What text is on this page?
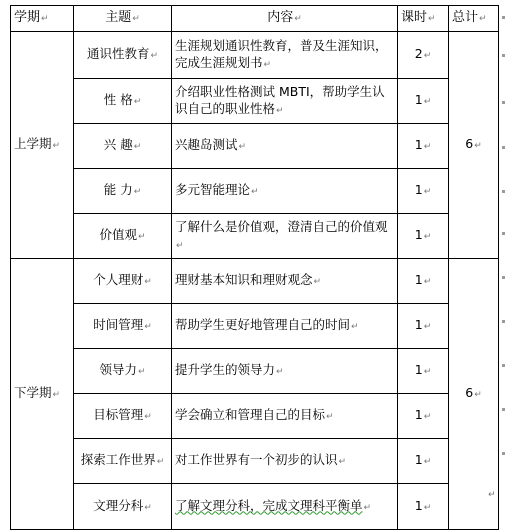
学期↵	主题↵	内容↵	课时↵	总计↵
上学期↵	通识性教育↵	生涯规划通识性教育，普及生涯知识，完成生涯规划书↵	2↵	6↵
	性 格↵	介绍职业性格测试 MBTI，帮助学生认识自己的职业性格↵	1↵	
	兴 趣↵	兴趣岛测试↵	1↵	
	能 力↵	多元智能理论↵	1↵	
	价值观↵	了解什么是价值观，澄清自己的价值观↵	1↵	
下学期↵	个人理财↵	理财基本知识和理财观念↵	1↵	6↵
	时间管理↵	帮助学生更好地管理自己的时间↵	1↵	
	领导力↵	提升学生的领导力↵	1↵	
	目标管理↵	学会确立和管理自己的目标↵	1↵	
	探索工作世界↵	对工作世界有一个初步的认识↵	1↵	
	文理分科↵	了解文理分科，完成文理科平衡单↵	1↵	
↵
